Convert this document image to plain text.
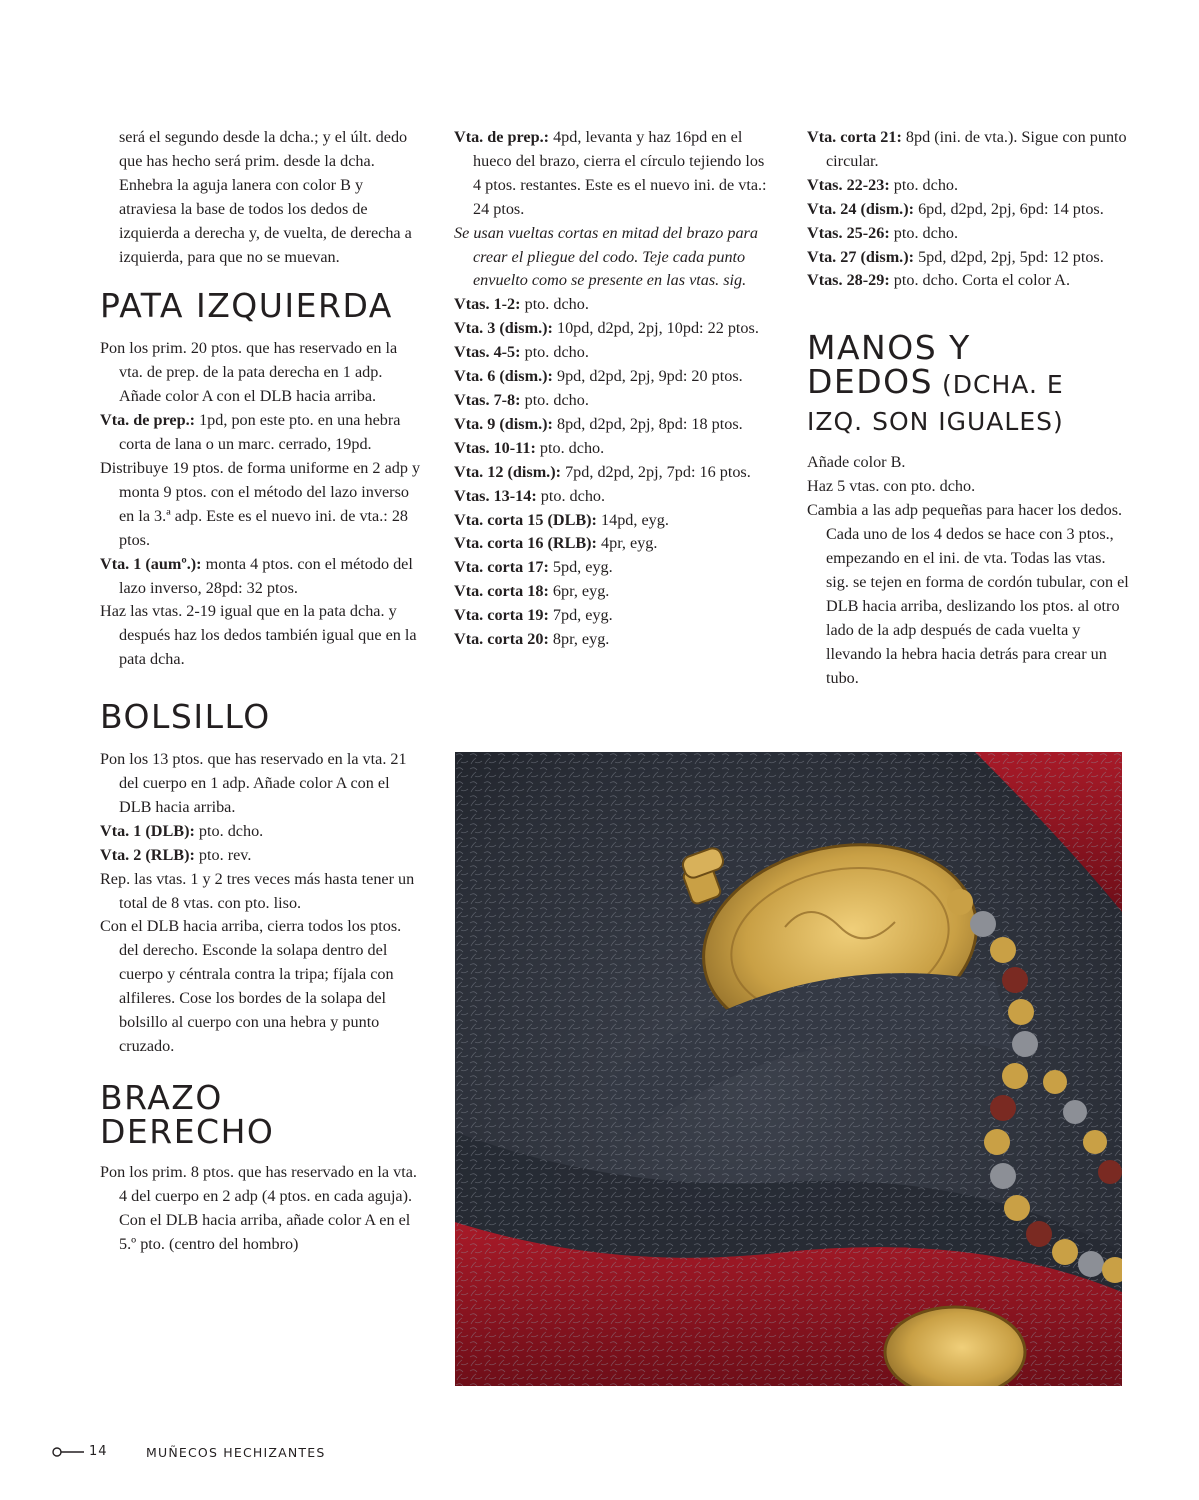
será el segundo desde la dcha.; y el últ. dedo que has hecho será prim. desde la dcha. Enhebra la aguja lanera con color B y atraviesa la base de todos los dedos de izquierda a derecha y, de vuelta, de derecha a izquierda, para que no se muevan.

PATA IZQUIERDA

Pon los prim. 20 ptos. que has reservado en la vta. de prep. de la pata derecha en 1 adp. Añade color A con el DLB hacia arriba.

Vta. de prep.: 1pd, pon este pto. en una hebra corta de lana o un marc. cerrado, 19pd.

Distribuye 19 ptos. de forma uniforme en 2 adp y monta 9 ptos. con el método del lazo inverso en la 3.ª adp. Este es el nuevo ini. de vta.: 28 ptos.

Vta. 1 (aumº.): monta 4 ptos. con el método del lazo inverso, 28pd: 32 ptos.

Haz las vtas. 2-19 igual que en la pata dcha. y después haz los dedos también igual que en la pata dcha.

BOLSILLO

Pon los 13 ptos. que has reservado en la vta. 21 del cuerpo en 1 adp. Añade color A con el DLB hacia arriba.

Vta. 1 (DLB): pto. dcho.

Vta. 2 (RLB): pto. rev.

Rep. las vtas. 1 y 2 tres veces más hasta tener un total de 8 vtas. con pto. liso.

Con el DLB hacia arriba, cierra todos los ptos. del derecho. Esconde la solapa dentro del cuerpo y céntrala contra la tripa; fíjala con alfileres. Cose los bordes de la solapa del bolsillo al cuerpo con una hebra y punto cruzado.

BRAZO
DERECHO

Pon los prim. 8 ptos. que has reservado en la vta. 4 del cuerpo en 2 adp (4 ptos. en cada aguja). Con el DLB hacia arriba, añade color A en el 5.º pto. (centro del hombro)

Vta. de prep.: 4pd, levanta y haz 16pd en el hueco del brazo, cierra el círculo tejiendo los 4 ptos. restantes. Este es el nuevo ini. de vta.: 24 ptos.

Se usan vueltas cortas en mitad del brazo para crear el pliegue del codo. Teje cada punto envuelto como se presente en las vtas. sig.

Vtas. 1-2: pto. dcho.

Vta. 3 (dism.): 10pd, d2pd, 2pj, 10pd: 22 ptos.

Vtas. 4-5: pto. dcho.

Vta. 6 (dism.): 9pd, d2pd, 2pj, 9pd: 20 ptos.

Vtas. 7-8: pto. dcho.

Vta. 9 (dism.): 8pd, d2pd, 2pj, 8pd: 18 ptos.

Vtas. 10-11: pto. dcho.

Vta. 12 (dism.): 7pd, d2pd, 2pj, 7pd: 16 ptos.

Vtas. 13-14: pto. dcho.

Vta. corta 15 (DLB): 14pd, eyg.

Vta. corta 16 (RLB): 4pr, eyg.

Vta. corta 17: 5pd, eyg.

Vta. corta 18: 6pr, eyg.

Vta. corta 19: 7pd, eyg.

Vta. corta 20: 8pr, eyg.

Vta. corta 21: 8pd (ini. de vta.). Sigue con punto circular.

Vtas. 22-23: pto. dcho.

Vta. 24 (dism.): 6pd, d2pd, 2pj, 6pd: 14 ptos.

Vtas. 25-26: pto. dcho.

Vta. 27 (dism.): 5pd, d2pd, 2pj, 5pd: 12 ptos.

Vtas. 28-29: pto. dcho. Corta el color A.

MANOS Y
DEDOS (DCHA. E
IZQ. SON IGUALES)

Añade color B.

Haz 5 vtas. con pto. dcho.

Cambia a las adp pequeñas para hacer los dedos. Cada uno de los 4 dedos se hace con 3 ptos., empezando en el ini. de vta. Todas las vtas. sig. se tejen en forma de cordón tubular, con el DLB hacia arriba, deslizando los ptos. al otro lado de la adp después de cada vuelta y llevando la hebra hacia detrás para crear un tubo.

14	MUÑECOS HECHIZANTES
